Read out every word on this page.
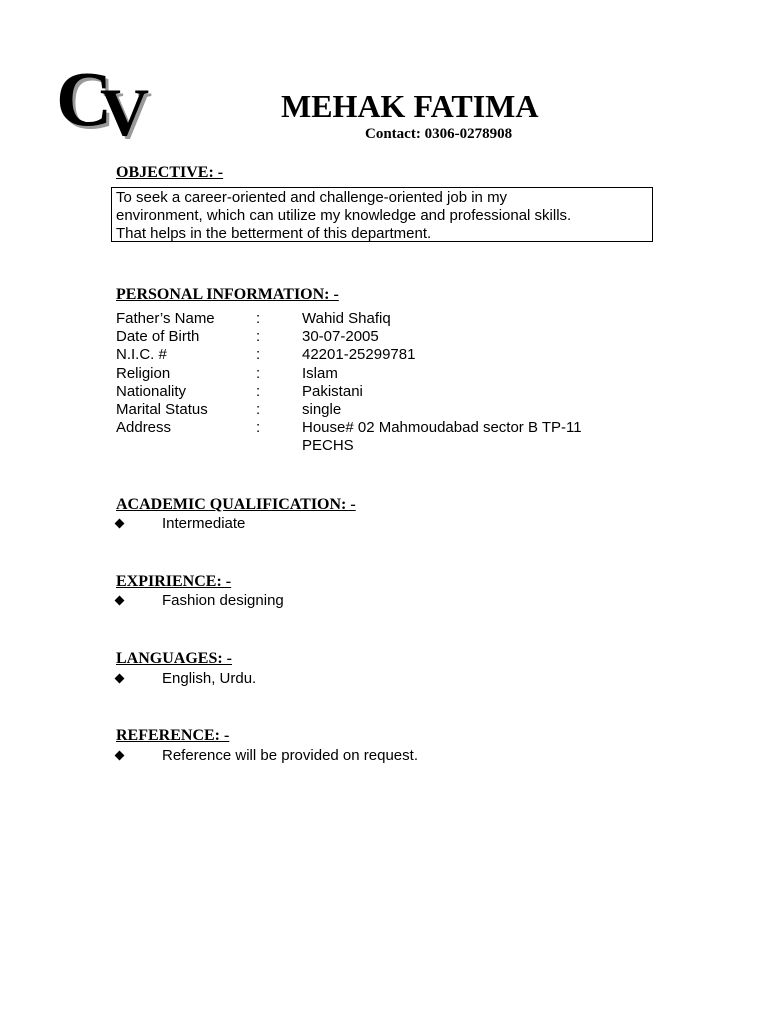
C
V	MEHAK FATIMA
Contact: 0306-0278908
OBJECTIVE: -
To seek a career-oriented and challenge-oriented job in my
environment, which can utilize my knowledge and professional skills.
That helps in the betterment of this department.
PERSONAL INFORMATION: -
Father’s Name	:	Wahid Shafiq
Date of Birth	:	30-07-2005
N.I.C. #	:	42201-25299781
Religion	:	Islam
Nationality	:	Pakistani
Marital Status	:	single
Address	:	House# 02 Mahmoudabad sector B TP-11
PECHS
ACADEMIC QUALIFICATION: -
Intermediate
EXPIRIENCE: -
Fashion designing
LANGUAGES: -
English, Urdu.
REFERENCE: -
Reference will be provided on request.
